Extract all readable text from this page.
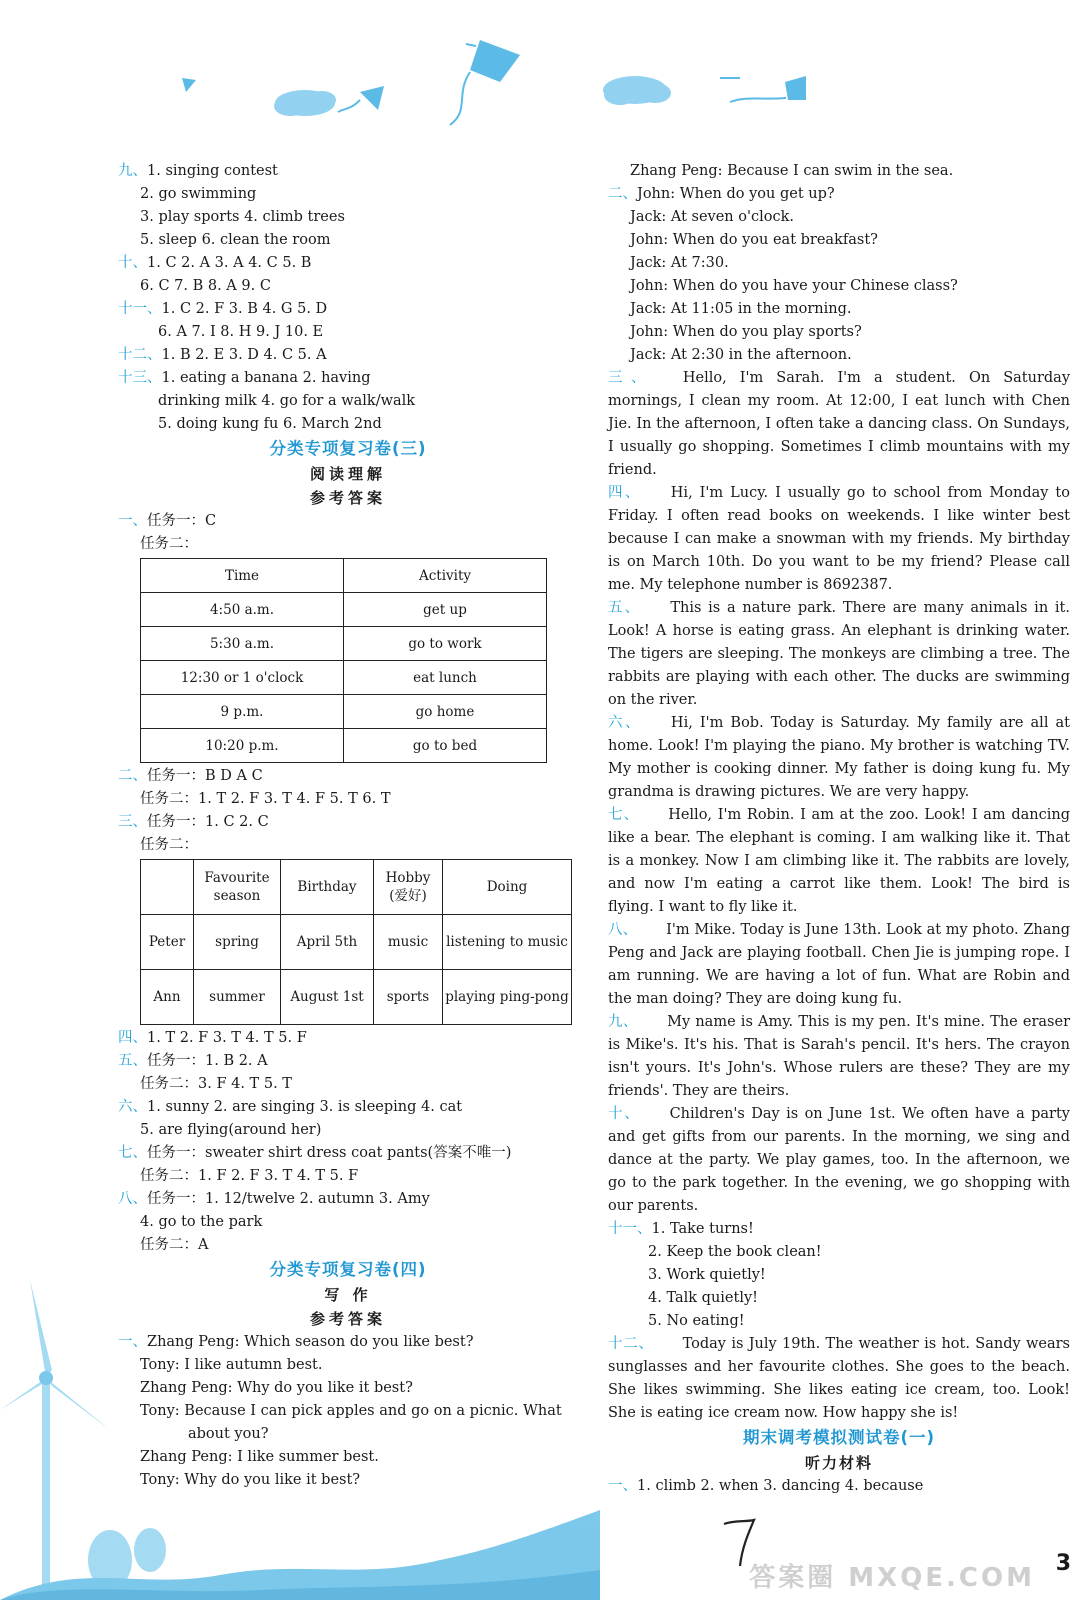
九、1. singing contest
2. go swimming
3. play sports 4. climb trees
5. sleep 6. clean the room
十、1. C 2. A 3. A 4. C 5. B
6. C 7. B 8. A 9. C
十一、1. C 2. F 3. B 4. G 5. D
6. A 7. I 8. H 9. J 10. E
十二、1. B 2. E 3. D 4. C 5. A
十三、1. eating a banana 2. having
drinking milk 4. go for a walk/walk
5. doing kung fu 6. March 2nd
分类专项复习卷(三)
阅读理解
参考答案
一、任务一：C
任务二：
Time	Activity
4:50 a.m.	get up
5:30 a.m.	go to work
12:30 or 1 o'clock	eat lunch
9 p.m.	go home
10:20 p.m.	go to bed
二、任务一：B D A C
任务二：1. T 2. F 3. T 4. F 5. T 6. T
三、任务一：1. C 2. C
任务二：
	Favourite season	Birthday	Hobby (爱好)	Doing
Peter	spring	April 5th	music	listening to music
Ann	summer	August 1st	sports	playing ping-pong
四、1. T 2. F 3. T 4. T 5. F
五、任务一：1. B 2. A
任务二：3. F 4. T 5. T
六、1. sunny 2. are singing 3. is sleeping 4. cat
5. are flying(around her)
七、任务一：sweater shirt dress coat pants(答案不唯一)
任务二：1. F 2. F 3. T 4. T 5. F
八、任务一：1. 12/twelve 2. autumn 3. Amy
4. go to the park
任务二：A
分类专项复习卷(四)
写 作
参考答案
一、Zhang Peng: Which season do you like best?
Tony: I like autumn best.
Zhang Peng: Why do you like it best?
Tony: Because I can pick apples and go on a picnic. What
about you?
Zhang Peng: I like summer best.
Tony: Why do you like it best?
Zhang Peng: Because I can swim in the sea.
二、John: When do you get up?
Jack: At seven o'clock.
John: When do you eat breakfast?
Jack: At 7:30.
John: When do you have your Chinese class?
Jack: At 11:05 in the morning.
John: When do you play sports?
Jack: At 2:30 in the afternoon.
三、   Hello, I'm Sarah. I'm a student. On Saturday mornings, I clean my room. At 12:00, I eat lunch with Chen Jie. In the afternoon, I often take a dancing class. On Sundays, I usually go shopping. Sometimes I climb mountains with my friend.
四、   Hi, I'm Lucy. I usually go to school from Monday to Friday. I often read books on weekends. I like winter best because I can make a snowman with my friends. My birthday is on March 10th. Do you want to be my friend? Please call me. My telephone number is 8692387.
五、   This is a nature park. There are many animals in it. Look! A horse is eating grass. An elephant is drinking water. The tigers are sleeping. The monkeys are climbing a tree. The rabbits are playing with each other. The ducks are swimming on the river.
六、   Hi, I'm Bob. Today is Saturday. My family are all at home. Look! I'm playing the piano. My brother is watching TV. My mother is cooking dinner. My father is doing kung fu. My grandma is drawing pictures. We are very happy.
七、   Hello, I'm Robin. I am at the zoo. Look! I am dancing like a bear. The elephant is coming. I am walking like it. That is a monkey. Now I am climbing like it. The rabbits are lovely, and now I'm eating a carrot like them. Look! The bird is flying. I want to fly like it.
八、   I'm Mike. Today is June 13th. Look at my photo. Zhang Peng and Jack are playing football. Chen Jie is jumping rope. I am running. We are having a lot of fun. What are Robin and the man doing? They are doing kung fu.
九、   My name is Amy. This is my pen. It's mine. The eraser is Mike's. It's his. That is Sarah's pencil. It's hers. The crayon isn't yours. It's John's. Whose rulers are these? They are my friends'. They are theirs.
十、   Children's Day is on June 1st. We often have a party and get gifts from our parents. In the morning, we sing and dance at the party. We play games, too. In the afternoon, we go to the park together. In the evening, we go shopping with our parents.
十一、1. Take turns!
2. Keep the book clean!
3. Work quietly!
4. Talk quietly!
5. No eating!
十二、   Today is July 19th. The weather is hot. Sandy wears sunglasses and her favourite clothes. She goes to the beach. She likes swimming. She likes eating ice cream, too. Look! She is eating ice cream now. How happy she is!
期末调考模拟测试卷(一)
听力材料
一、1. climb 2. when 3. dancing 4. because
答案圈 MXQE.COM 3
